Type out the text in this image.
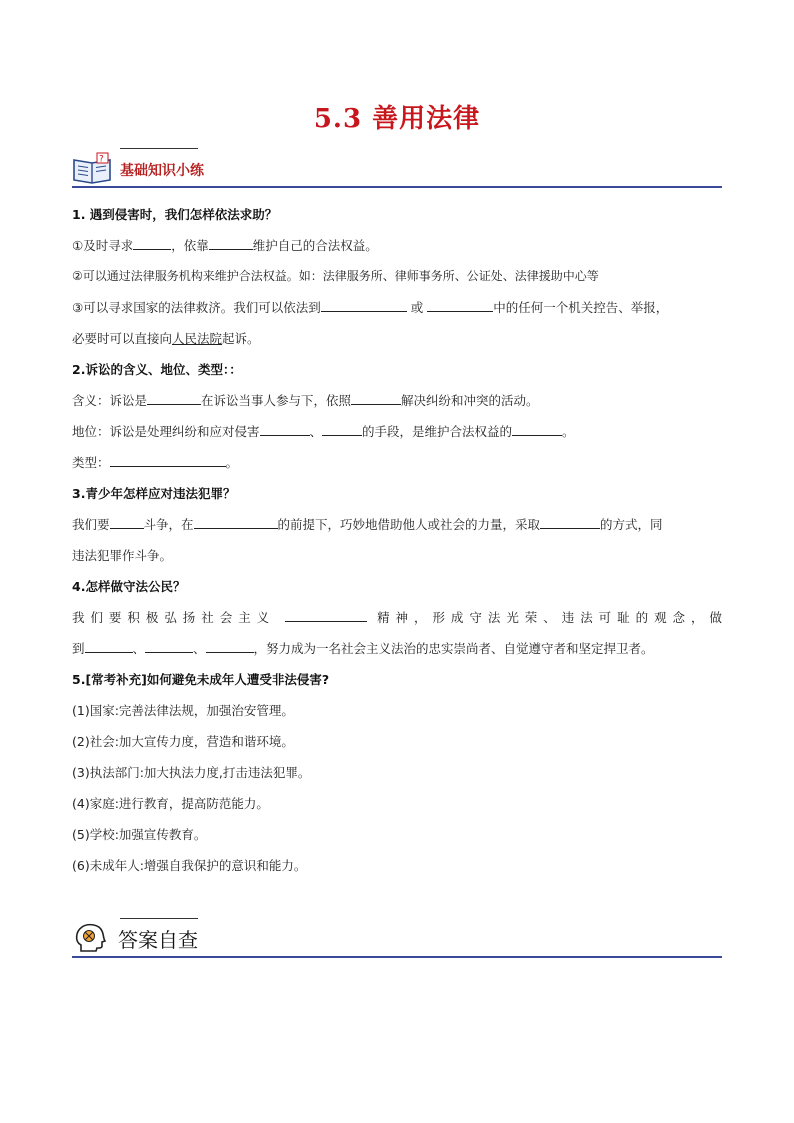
5.3 善用法律
?
基础知识小练

1. 遇到侵害时，我们怎样依法求助？

①及时寻求	，依靠	维护自己的合法权益。

②可以通过法律服务机构来维护合法权益。如：法律服务所、律师事务所、公证处、法律援助中心等

③可以寻求国家的法律救济。我们可以依法到	或	中的任何一个机关控告、举报，

必要时可以直接向人民法院起诉。

2.诉讼的含义、地位、类型：：

含义：诉讼是	在诉讼当事人参与下，依照	解决纠纷和冲突的活动。

地位：诉讼是处理纠纷和应对侵害	、	的手段，是维护合法权益的	。

类型：	。

3.青少年怎样应对违法犯罪？

我们要	斗争，在	的前提下，巧妙地借助他人或社会的力量，采取	的方式，同

违法犯罪作斗争。

4.怎样做守法公民？

我们要积极弘扬社会主义	精神，形成守法光荣、违法可耻的观念，做

到	、	、	，努力成为一名社会主义法治的忠实崇尚者、自觉遵守者和坚定捍卫者。

5.[常考补充]如何避免未成年人遭受非法侵害?

(1)国家:完善法律法规，加强治安管理。

(2)社会:加大宣传力度，营造和谐环境。

(3)执法部门:加大执法力度,打击违法犯罪。

(4)家庭:进行教育，提高防范能力。

(5)学校:加强宣传教育。

(6)未成年人:增强自我保护的意识和能力。

答案自查
